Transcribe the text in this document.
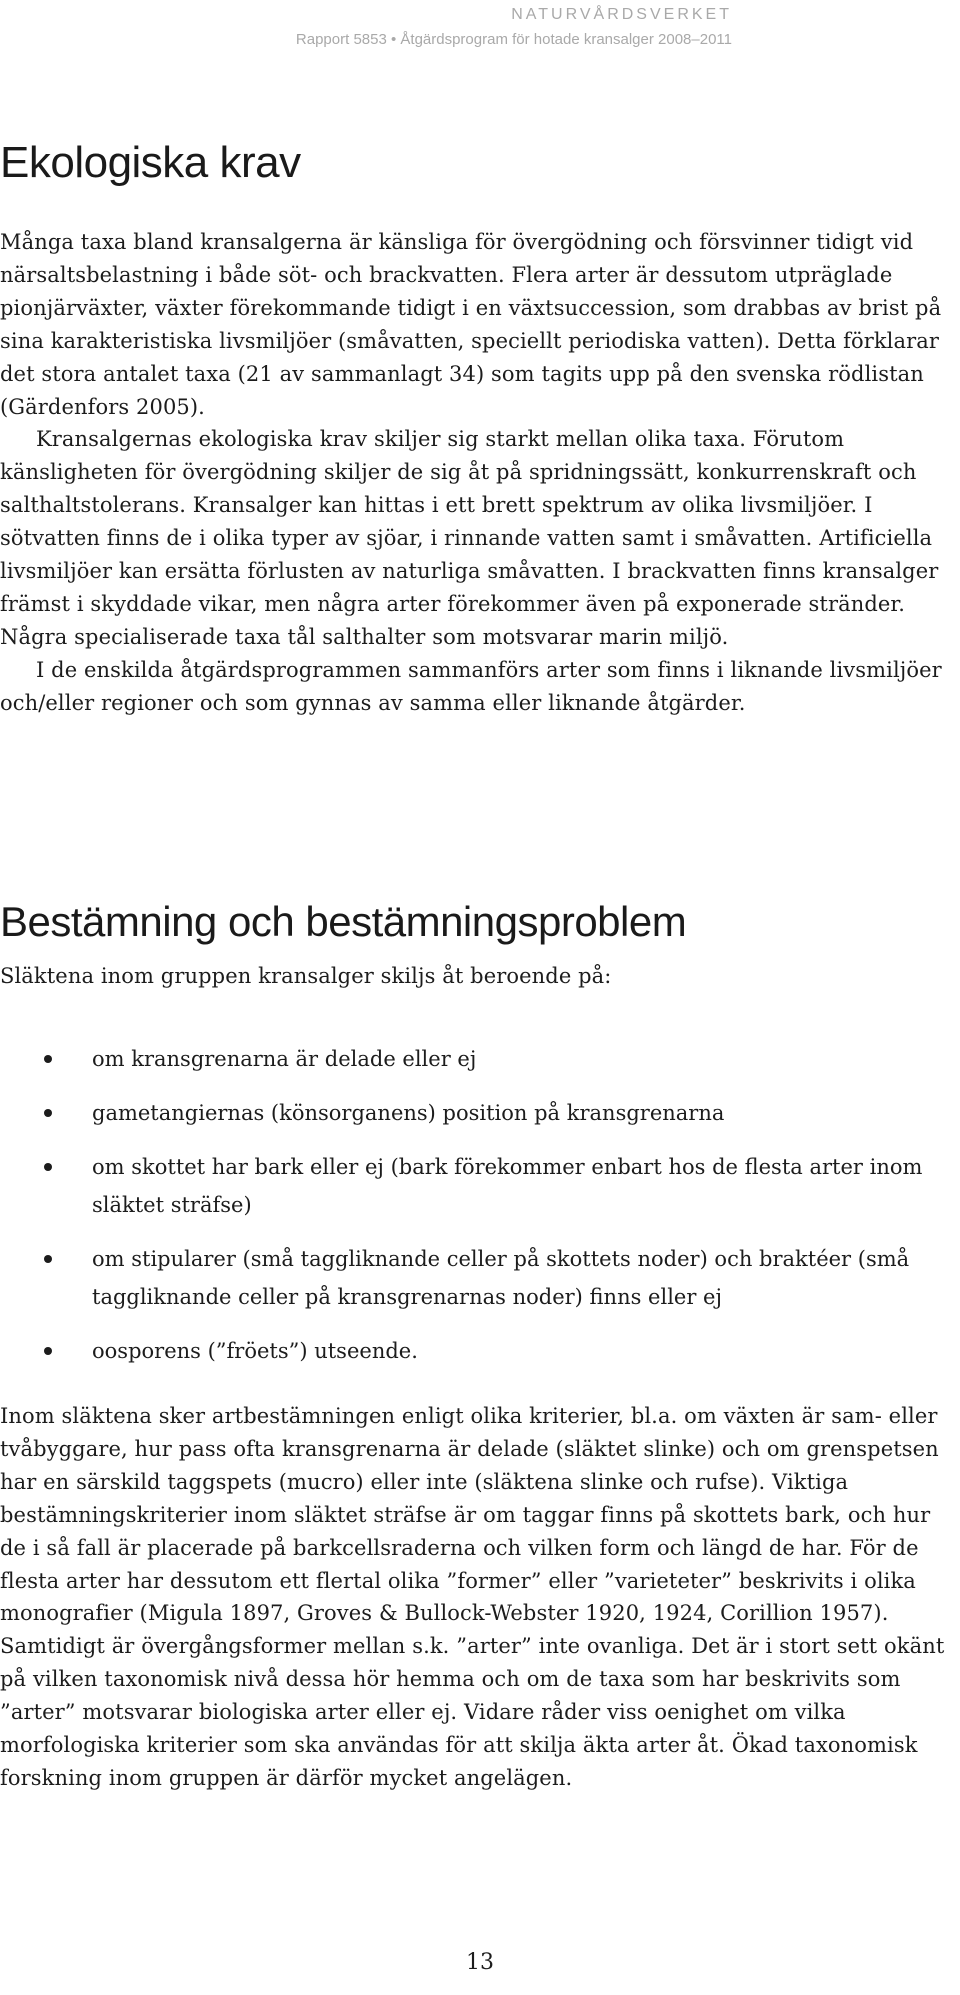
NATURVÅRDSVERKET
Rapport 5853 • Åtgärdsprogram för hotade kransalger 2008–2011
Ekologiska krav

Många taxa bland kransalgerna är känsliga för övergödning och försvinner tidigt vid närsaltsbelastning i både söt- och brackvatten. Flera arter är dessutom utpräglade pionjärväxter, växter förekommande tidigt i en växtsuccession, som drabbas av brist på sina karakteristiska livsmiljöer (småvatten, speciellt periodiska vatten). Detta förklarar det stora antalet taxa (21 av sammanlagt 34) som tagits upp på den svenska rödlistan (Gärdenfors 2005).

Kransalgernas ekologiska krav skiljer sig starkt mellan olika taxa. Förutom känsligheten för övergödning skiljer de sig åt på spridningssätt, konkurrenskraft och salthaltstolerans. Kransalger kan hittas i ett brett spektrum av olika livsmiljöer. I sötvatten finns de i olika typer av sjöar, i rinnande vatten samt i småvatten. Artificiella livsmiljöer kan ersätta förlusten av naturliga småvatten. I brackvatten finns kransalger främst i skyddade vikar, men några arter förekommer även på exponerade stränder. Några specialiserade taxa tål salthalter som motsvarar marin miljö.

I de enskilda åtgärdsprogrammen sammanförs arter som finns i liknande livsmiljöer och/eller regioner och som gynnas av samma eller liknande åtgärder.

Bestämning och bestämningsproblem

Släktena inom gruppen kransalger skiljs åt beroende på:

om kransgrenarna är delade eller ej
gametangiernas (könsorganens) position på kransgrenarna
om skottet har bark eller ej (bark förekommer enbart hos de flesta arter inom släktet sträfse)
om stipularer (små taggliknande celler på skottets noder) och braktéer (små taggliknande celler på kransgrenarnas noder) finns eller ej
oosporens (”fröets”) utseende.

Inom släktena sker artbestämningen enligt olika kriterier, bl.a. om växten är sam- eller tvåbyggare, hur pass ofta kransgrenarna är delade (släktet slinke) och om grenspetsen har en särskild taggspets (mucro) eller inte (släktena slinke och rufse). Viktiga bestämningskriterier inom släktet sträfse är om taggar finns på skottets bark, och hur de i så fall är placerade på barkcellsraderna och vilken form och längd de har. För de flesta arter har dessutom ett flertal olika ”former” eller ”varieteter” beskrivits i olika monografier (Migula 1897, Groves & Bullock-Webster 1920, 1924, Corillion 1957). Samtidigt är övergångsformer mellan s.k. ”arter” inte ovanliga. Det är i stort sett okänt på vilken taxonomisk nivå dessa hör hemma och om de taxa som har beskrivits som ”arter” motsvarar biologiska arter eller ej. Vidare råder viss oenighet om vilka morfologiska kriterier som ska användas för att skilja äkta arter åt. Ökad taxonomisk forskning inom gruppen är därför mycket angelägen.

13
